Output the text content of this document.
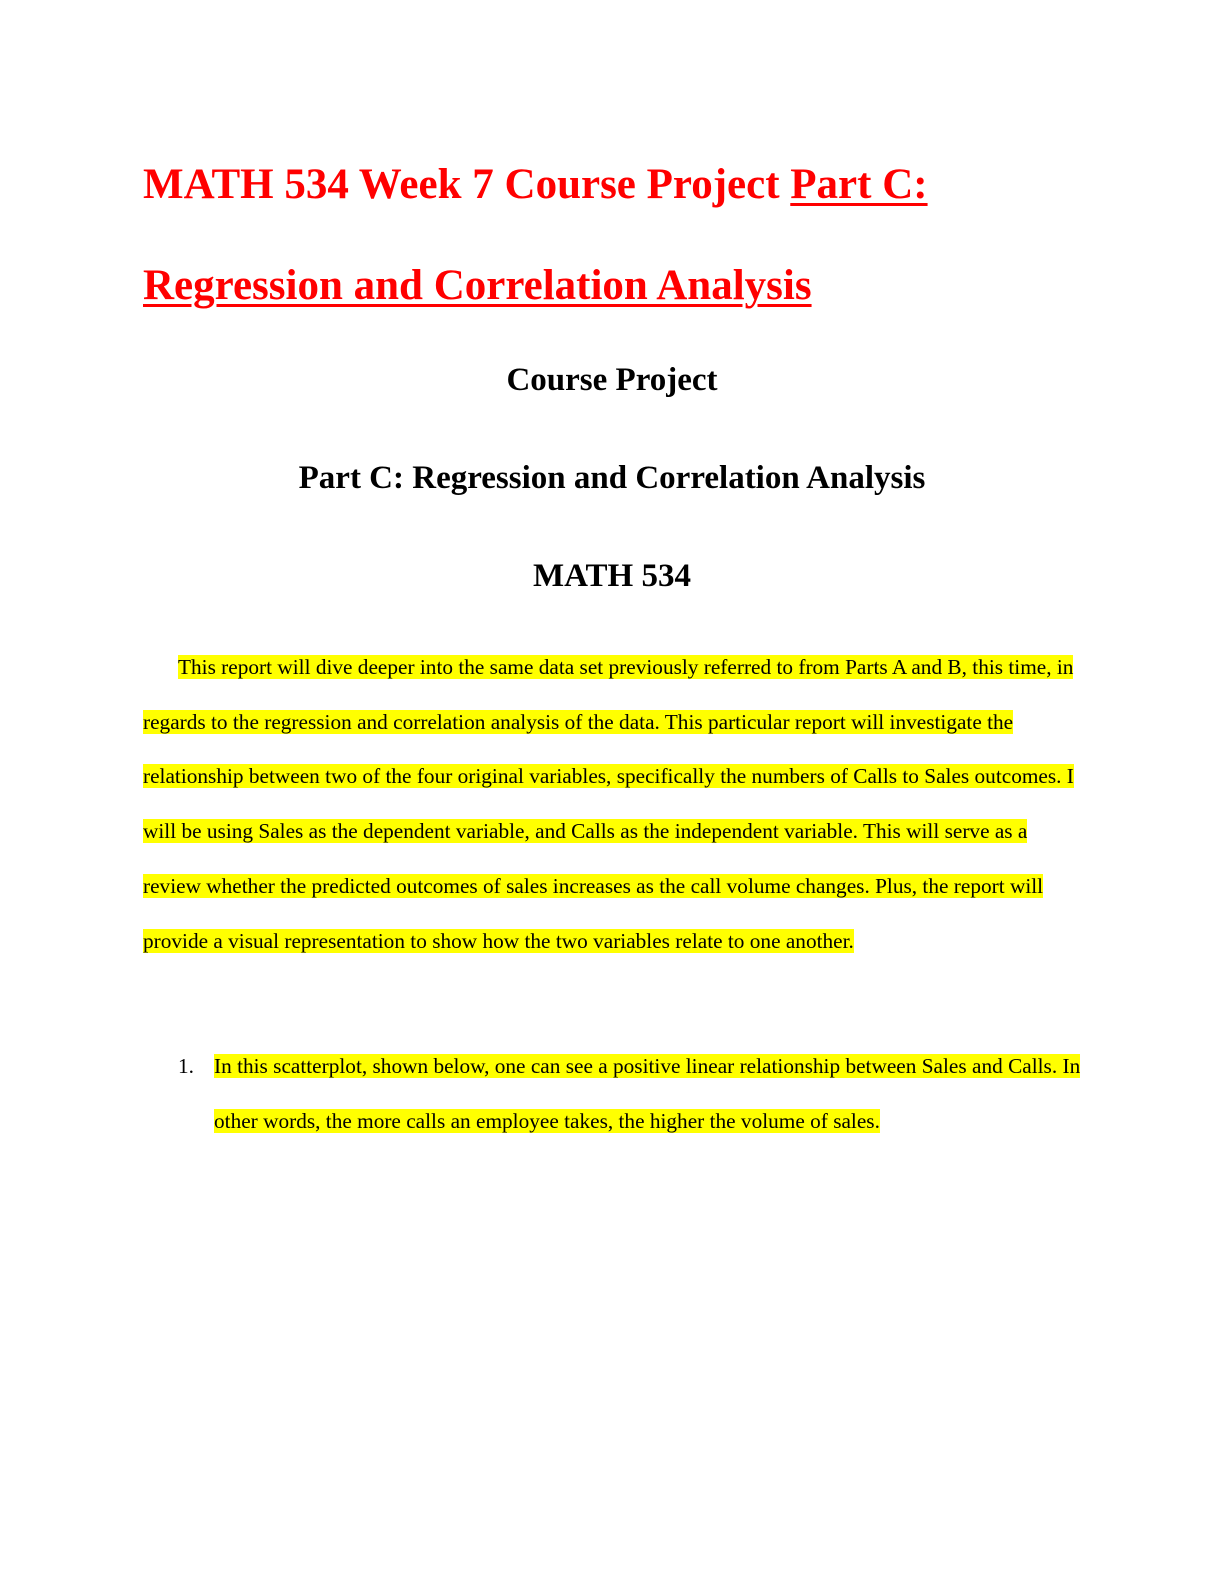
MATH 534 Week 7 Course Project Part C: Regression and Correlation Analysis
Course Project
Part C: Regression and Correlation Analysis
MATH 534

This report will dive deeper into the same data set previously referred to from Parts A and B, this time, in regards to the regression and correlation analysis of the data. This particular report will investigate the relationship between two of the four original variables, specifically the numbers of Calls to Sales outcomes. I will be using Sales as the dependent variable, and Calls as the independent variable. This will serve as a review whether the predicted outcomes of sales increases as the call volume changes. Plus, the report will provide a visual representation to show how the two variables relate to one another.

1. In this scatterplot, shown below, one can see a positive linear relationship between Sales and Calls. In other words, the more calls an employee takes, the higher the volume of sales.
